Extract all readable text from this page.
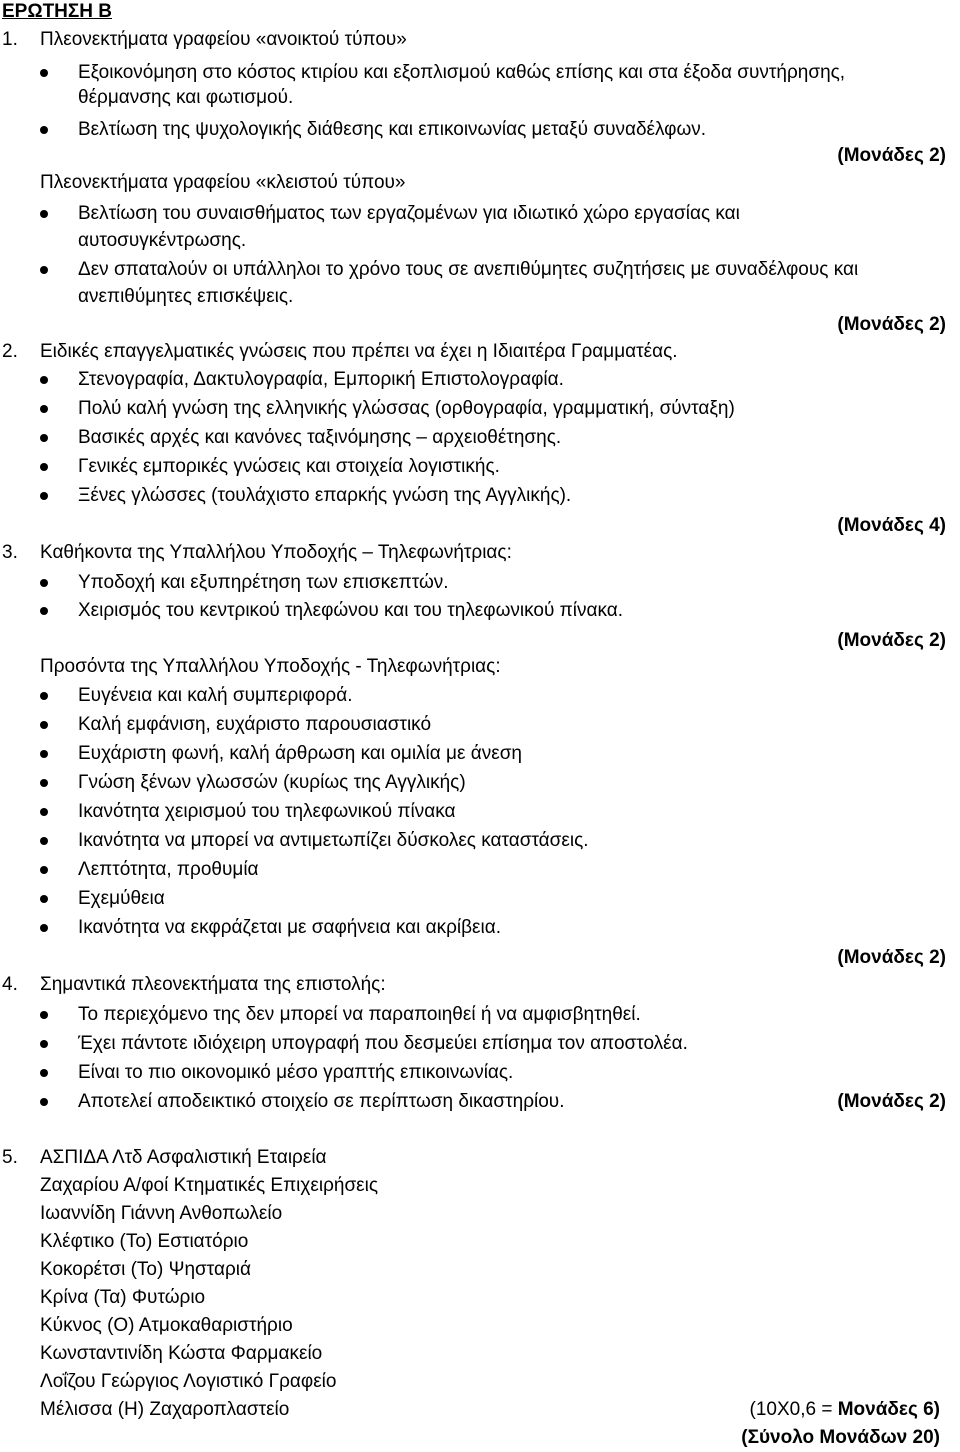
ΕΡΩΤΗΣΗ Β
1. Πλεονεκτήματα γραφείου «ανοικτού τύπου»
Εξοικονόμηση στο κόστος κτιρίου και εξοπλισμού καθώς επίσης και στα έξοδα συντήρησης,
θέρμανσης και φωτισμού.
Βελτίωση της ψυχολογικής διάθεσης και επικοινωνίας μεταξύ συναδέλφων.
(Μονάδες 2)
Πλεονεκτήματα γραφείου «κλειστού τύπου»
Βελτίωση του συναισθήματος των εργαζομένων για ιδιωτικό χώρο εργασίας και
αυτοσυγκέντρωσης.
Δεν σπαταλούν οι υπάλληλοι το χρόνο τους σε ανεπιθύμητες συζητήσεις με συναδέλφους και
ανεπιθύμητες επισκέψεις.
(Μονάδες 2)
2. Ειδικές επαγγελματικές γνώσεις που πρέπει να έχει η Ιδιαιτέρα Γραμματέας.
Στενογραφία, Δακτυλογραφία, Εμπορική Επιστολογραφία.
Πολύ καλή γνώση της ελληνικής γλώσσας (ορθογραφία, γραμματική, σύνταξη)
Βασικές αρχές και κανόνες ταξινόμησης – αρχειοθέτησης.
Γενικές εμπορικές γνώσεις και στοιχεία λογιστικής.
Ξένες γλώσσες (τουλάχιστο επαρκής γνώση της Αγγλικής).
(Μονάδες 4)
3. Καθήκοντα της Υπαλλήλου Υποδοχής – Τηλεφωνήτριας:
Υποδοχή και εξυπηρέτηση των επισκεπτών.
Χειρισμός του κεντρικού τηλεφώνου και του τηλεφωνικού πίνακα.
(Μονάδες 2)
Προσόντα της Υπαλλήλου Υποδοχής - Τηλεφωνήτριας:
Ευγένεια και καλή συμπεριφορά.
Καλή εμφάνιση, ευχάριστο παρουσιαστικό
Ευχάριστη φωνή, καλή άρθρωση και ομιλία με άνεση
Γνώση ξένων γλωσσών (κυρίως της Αγγλικής)
Ικανότητα χειρισμού του τηλεφωνικού πίνακα
Ικανότητα να μπορεί να αντιμετωπίζει δύσκολες καταστάσεις.
Λεπτότητα, προθυμία
Εχεμύθεια
Ικανότητα να εκφράζεται με σαφήνεια και ακρίβεια.
(Μονάδες 2)
4. Σημαντικά πλεονεκτήματα της επιστολής:
Το περιεχόμενο της δεν μπορεί να παραποιηθεί ή να αμφισβητηθεί.
Έχει πάντοτε ιδιόχειρη υπογραφή που δεσμεύει επίσημα τον αποστολέα.
Είναι το πιο οικονομικό μέσο γραπτής επικοινωνίας.
Αποτελεί αποδεικτικό στοιχείο σε περίπτωση δικαστηρίου.	(Μονάδες 2)
5. ΑΣΠΙΔΑ Λτδ Ασφαλιστική Εταιρεία
Ζαχαρίου Α/φοί Κτηματικές Επιχειρήσεις
Ιωαννίδη Γιάννη Ανθοπωλείο
Κλέφτικο (Το) Εστιατόριο
Κοκορέτσι (Το) Ψησταριά
Κρίνα (Τα) Φυτώριο
Κύκνος (Ο) Ατμοκαθαριστήριο
Κωνσταντινίδη Κώστα Φαρμακείο
Λοΐζου Γεώργιος Λογιστικό Γραφείο
Μέλισσα (Η) Ζαχαροπλαστείο	(10Χ0,6 = Μονάδες 6)
(Σύνολο Μονάδων 20)
